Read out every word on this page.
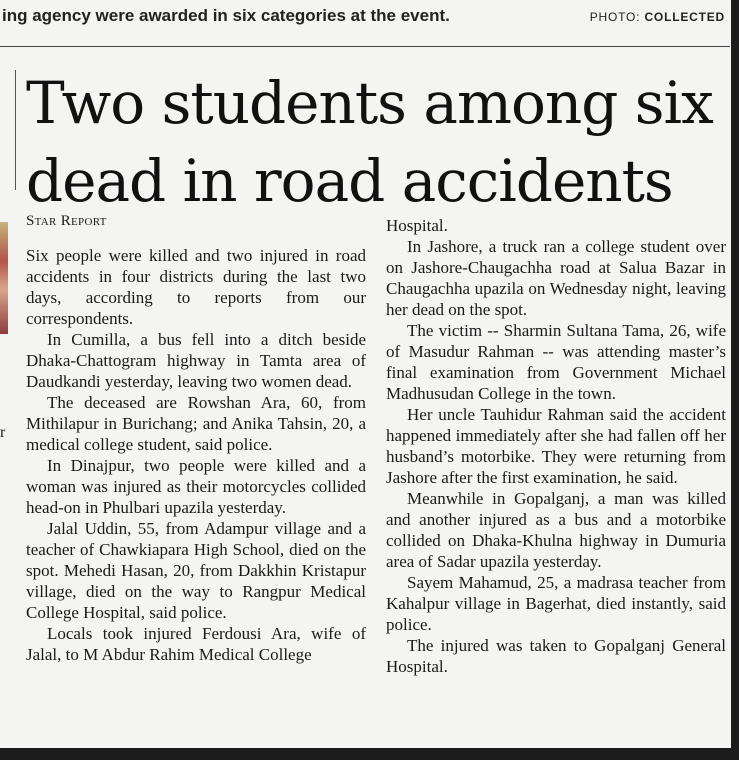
ing agency were awarded in six categories at the event.	PHOTO: COLLECTED
r
Two students among six dead in road accidents
Star Report

Six people were killed and two injured in road accidents in four districts during the last two days, according to reports from our correspondents.

In Cumilla, a bus fell into a ditch beside Dhaka-Chattogram highway in Tamta area of Daudkandi yesterday, leaving two women dead.

The deceased are Rowshan Ara, 60, from Mithilapur in Burichang; and Anika Tahsin, 20, a medical college student, said police.

In Dinajpur, two people were killed and a woman was injured as their motorcycles collided head-on in Phulbari upazila yesterday.

Jalal Uddin, 55, from Adampur village and a teacher of Chawkiapara High School, died on the spot. Mehedi Hasan, 20, from Dakkhin Kristapur village, died on the way to Rangpur Medical College Hospital, said police.

Locals took injured Ferdousi Ara, wife of Jalal, to M Abdur Rahim Medical College

Hospital.

In Jashore, a truck ran a college student over on Jashore-Chaugachha road at Salua Bazar in Chaugachha upazila on Wednesday night, leaving her dead on the spot.

The victim -- Sharmin Sultana Tama, 26, wife of Masudur Rahman -- was attending master’s final examination from Government Michael Madhusudan College in the town.

Her uncle Tauhidur Rahman said the accident happened immediately after she had fallen off her husband’s motorbike. They were returning from Jashore after the first examination, he said.

Meanwhile in Gopalganj, a man was killed and another injured as a bus and a motorbike collided on Dhaka-Khulna highway in Dumuria area of Sadar upazila yesterday.

Sayem Mahamud, 25, a madrasa teacher from Kahalpur village in Bagerhat, died instantly, said police.

The injured was taken to Gopalganj General Hospital.
